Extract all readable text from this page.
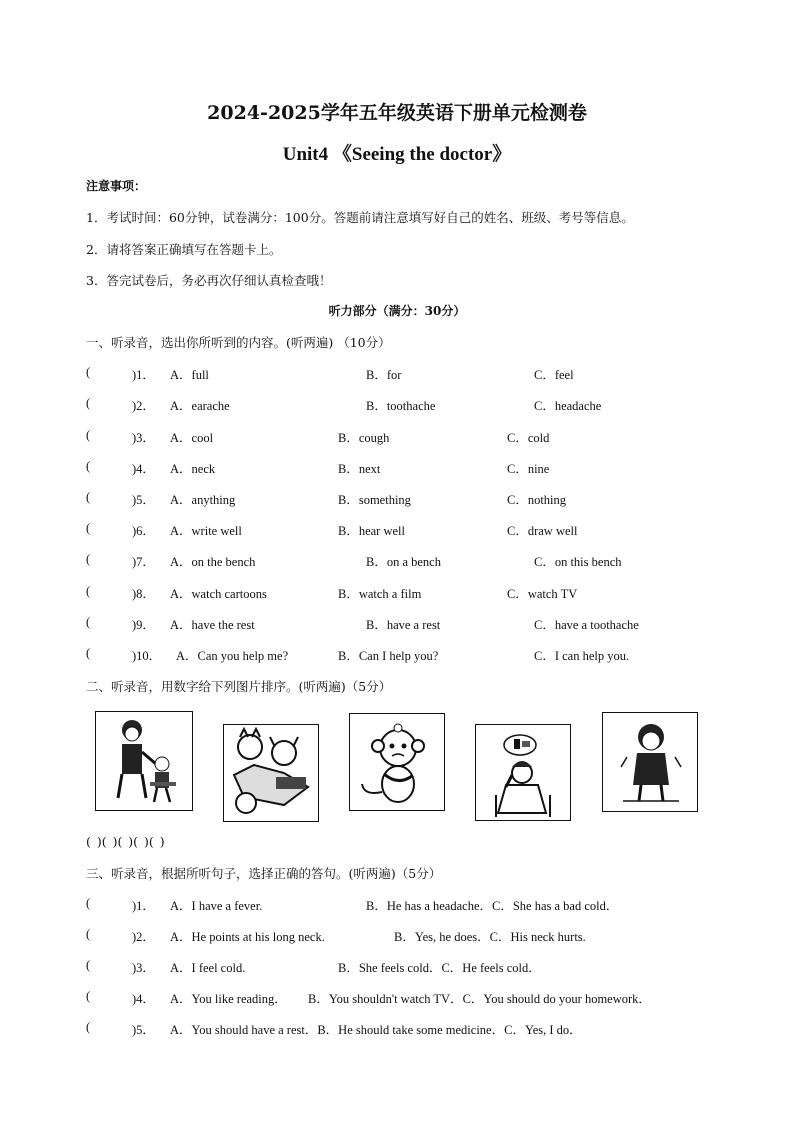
2024-2025学年五年级英语下册单元检测卷
Unit4 《Seeing the doctor》
注意事项：
1．考试时间：60分钟，试卷满分：100分。答题前请注意填写好自己的姓名、班级、考号等信息。
2．请将答案正确填写在答题卡上。
3．答完试卷后，务必再次仔细认真检查哦！
听力部分（满分：30分）
一、听录音，选出你所听到的内容。(听两遍) （10分）
(	)1． A．full	B．for	C．feel
(	)2． A．earache	B．toothache	C．headache
(	)3． A．cool	B．cough	C．cold
(	)4． A．neck	B．next	C．nine
(	)5． A．anything	B．something	C．nothing
(	)6． A．write well	B．hear well	C．draw well
(	)7． A．on the bench	B．on a bench	C．on this bench
(	)8． A．watch cartoons	B．watch a film	C．watch TV
(	)9． A．have the rest	B．have a rest	C．have a toothache
(	)10． A．Can you help me?	B．Can I help you?	C．I can help you.
二、听录音，用数字给下列图片排序。(听两遍)（5分）
( )( )( )( )( )
三、听录音，根据所听句子，选择正确的答句。(听两遍)（5分）
(	)1． A．I have a fever.	B．He has a headache．C．She has a bad cold．
(	)2． A．He points at his long neck.	B．Yes, he does．C．His neck hurts.
(	)3． A．I feel cold.	B．She feels cold．C．He feels cold．
(	)4． A．You like reading． B．You shouldn't watch TV．C．You should do your homework．
(	)5． A．You should have a rest．B．He should take some medicine．C．Yes, I do．
